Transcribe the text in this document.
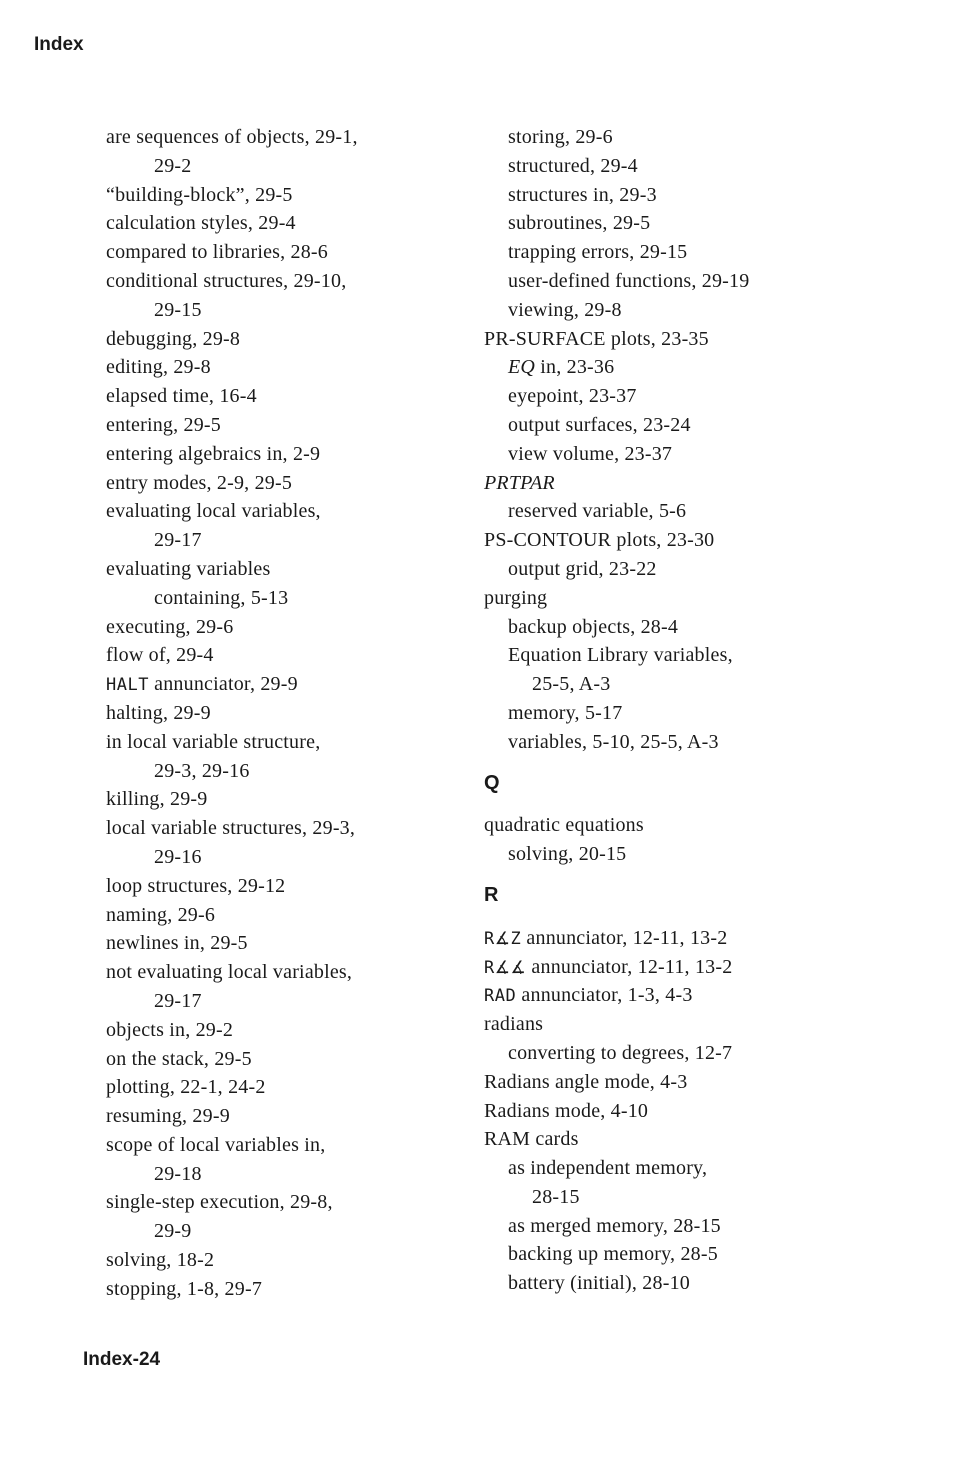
Index
are sequences of objects, 29-1,
29-2
“building-block”, 29-5
calculation styles, 29-4
compared to libraries, 28-6
conditional structures, 29-10,
29-15
debugging, 29-8
editing, 29-8
elapsed time, 16-4
entering, 29-5
entering algebraics in, 2-9
entry modes, 2-9, 29-5
evaluating local variables,
29-17
evaluating variables
containing, 5-13
executing, 29-6
flow of, 29-4
HALT annunciator, 29-9
halting, 29-9
in local variable structure,
29-3, 29-16
killing, 29-9
local variable structures, 29-3,
29-16
loop structures, 29-12
naming, 29-6
newlines in, 29-5
not evaluating local variables,
29-17
objects in, 29-2
on the stack, 29-5
plotting, 22-1, 24-2
resuming, 29-9
scope of local variables in,
29-18
single-step execution, 29-8,
29-9
solving, 18-2
stopping, 1-8, 29-7
storing, 29-6
structured, 29-4
structures in, 29-3
subroutines, 29-5
trapping errors, 29-15
user-defined functions, 29-19
viewing, 29-8
PR-SURFACE plots, 23-35
EQ in, 23-36
eyepoint, 23-37
output surfaces, 23-24
view volume, 23-37
PRTPAR
reserved variable, 5-6
PS-CONTOUR plots, 23-30
output grid, 23-22
purging
backup objects, 28-4
Equation Library variables,
25-5, A-3
memory, 5-17
variables, 5-10, 25-5, A-3
Q
quadratic equations
solving, 20-15
R
R∡Z annunciator, 12-11, 13-2
R∡∡ annunciator, 12-11, 13-2
RAD annunciator, 1-3, 4-3
radians
converting to degrees, 12-7
Radians angle mode, 4-3
Radians mode, 4-10
RAM cards
as independent memory,
28-15
as merged memory, 28-15
backing up memory, 28-5
battery (initial), 28-10
Index-24
